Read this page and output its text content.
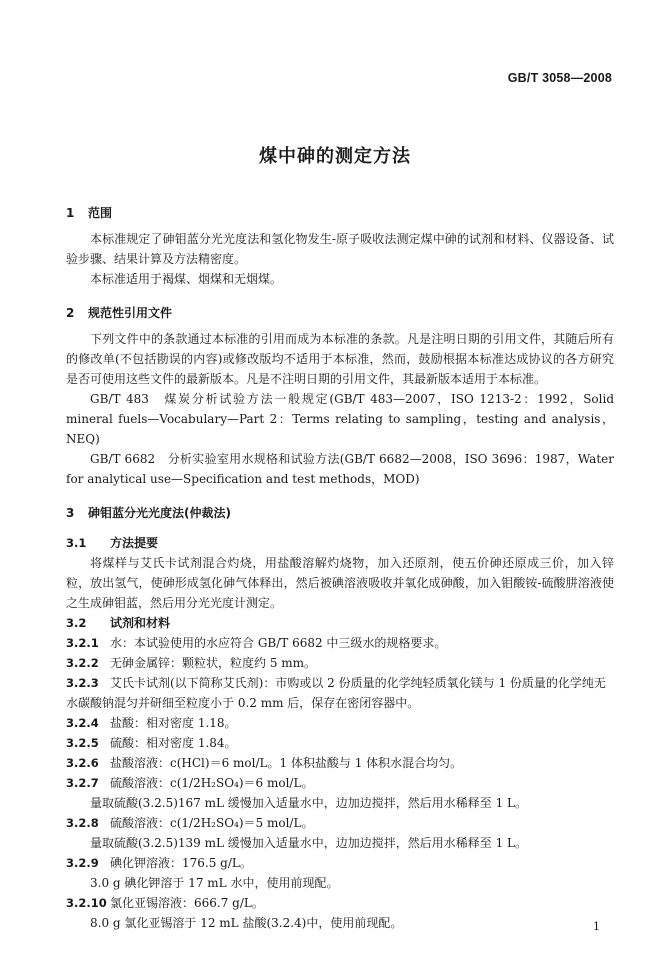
GB/T 3058—2008
煤中砷的测定方法
1 范围

本标准规定了砷钼蓝分光光度法和氢化物发生-原子吸收法测定煤中砷的试剂和材料、仪器设备、试验步骤、结果计算及方法精密度。

本标准适用于褐煤、烟煤和无烟煤。

2 规范性引用文件

下列文件中的条款通过本标准的引用而成为本标准的条款。凡是注明日期的引用文件，其随后所有的修改单(不包括勘误的内容)或修改版均不适用于本标准，然而，鼓励根据本标准达成协议的各方研究是否可使用这些文件的最新版本。凡是不注明日期的引用文件，其最新版本适用于本标准。

GB/T 483　煤炭分析试验方法一般规定(GB/T 483—2007，ISO 1213-2：1992，Solid mineral fuels—Vocabulary—Part 2：Terms relating to sampling，testing and analysis，NEQ)

GB/T 6682　分析实验室用水规格和试验方法(GB/T 6682—2008，ISO 3696：1987，Water for analytical use—Specification and test methods，MOD)

3 砷钼蓝分光光度法(仲裁法)
3.1 方法提要

将煤样与艾氏卡试剂混合灼烧，用盐酸溶解灼烧物，加入还原剂，使五价砷还原成三价，加入锌粒，放出氢气，使砷形成氢化砷气体释出，然后被碘溶液吸收并氧化成砷酸，加入钼酸铵-硫酸肼溶液使之生成砷钼蓝，然后用分光光度计测定。

3.2 试剂和材料
3.2.1 水：本试验使用的水应符合 GB/T 6682 中三级水的规格要求。
3.2.2 无砷金属锌：颗粒状，粒度约 5 mm。
3.2.3 艾氏卡试剂(以下简称艾氏剂)：市购或以 2 份质量的化学纯轻质氧化镁与 1 份质量的化学纯无

水碳酸钠混匀并研细至粒度小于 0.2 mm 后，保存在密闭容器中。

3.2.4 盐酸：相对密度 1.18。
3.2.5 硫酸：相对密度 1.84。
3.2.6 盐酸溶液：c(HCl)＝6 mol/L。1 体积盐酸与 1 体积水混合均匀。
3.2.7 硫酸溶液：c(1/2H₂SO₄)＝6 mol/L。

量取硫酸(3.2.5)167 mL 缓慢加入适量水中，边加边搅拌，然后用水稀释至 1 L。

3.2.8 硫酸溶液：c(1/2H₂SO₄)＝5 mol/L。

量取硫酸(3.2.5)139 mL 缓慢加入适量水中，边加边搅拌，然后用水稀释至 1 L。

3.2.9 碘化钾溶液：176.5 g/L。

3.0 g 碘化钾溶于 17 mL 水中，使用前现配。

3.2.10 氯化亚锡溶液：666.7 g/L。

8.0 g 氯化亚锡溶于 12 mL 盐酸(3.2.4)中，使用前现配。	1
